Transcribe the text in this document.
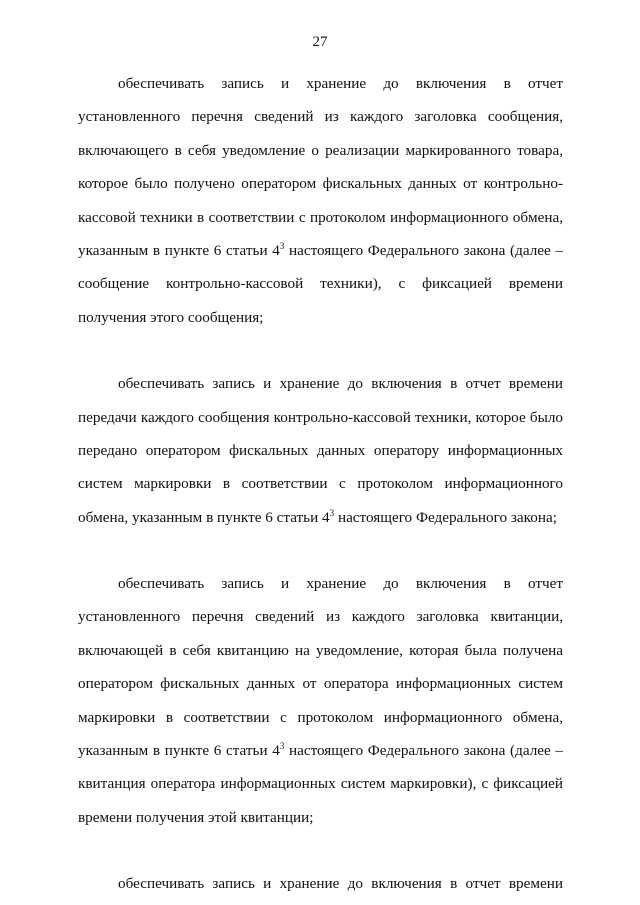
27
обеспечивать запись и хранение до включения в отчет
установленного перечня сведений из каждого заголовка сообщения,
включающего в себя уведомление о реализации маркированного товара,
которое было получено оператором фискальных данных от контрольно-
кассовой техники в соответствии с протоколом информационного обмена,
указанным в пункте 6 статьи $4^3$ настоящего Федерального закона (далее –
сообщение контрольно-кассовой техники), с фиксацией времени
получения этого сообщения;
обеспечивать запись и хранение до включения в отчет времени
передачи каждого сообщения контрольно-кассовой техники, которое было
передано оператором фискальных данных оператору информационных
систем маркировки в соответствии с протоколом информационного
обмена, указанным в пункте 6 статьи $4^3$ настоящего Федерального закона;
обеспечивать запись и хранение до включения в отчет
установленного перечня сведений из каждого заголовка квитанции,
включающей в себя квитанцию на уведомление, которая была получена
оператором фискальных данных от оператора информационных систем
маркировки в соответствии с протоколом информационного обмена,
указанным в пункте 6 статьи $4^3$ настоящего Федерального закона (далее –
квитанция оператора информационных систем маркировки), с фиксацией
времени получения этой квитанции;
обеспечивать запись и хранение до включения в отчет времени
